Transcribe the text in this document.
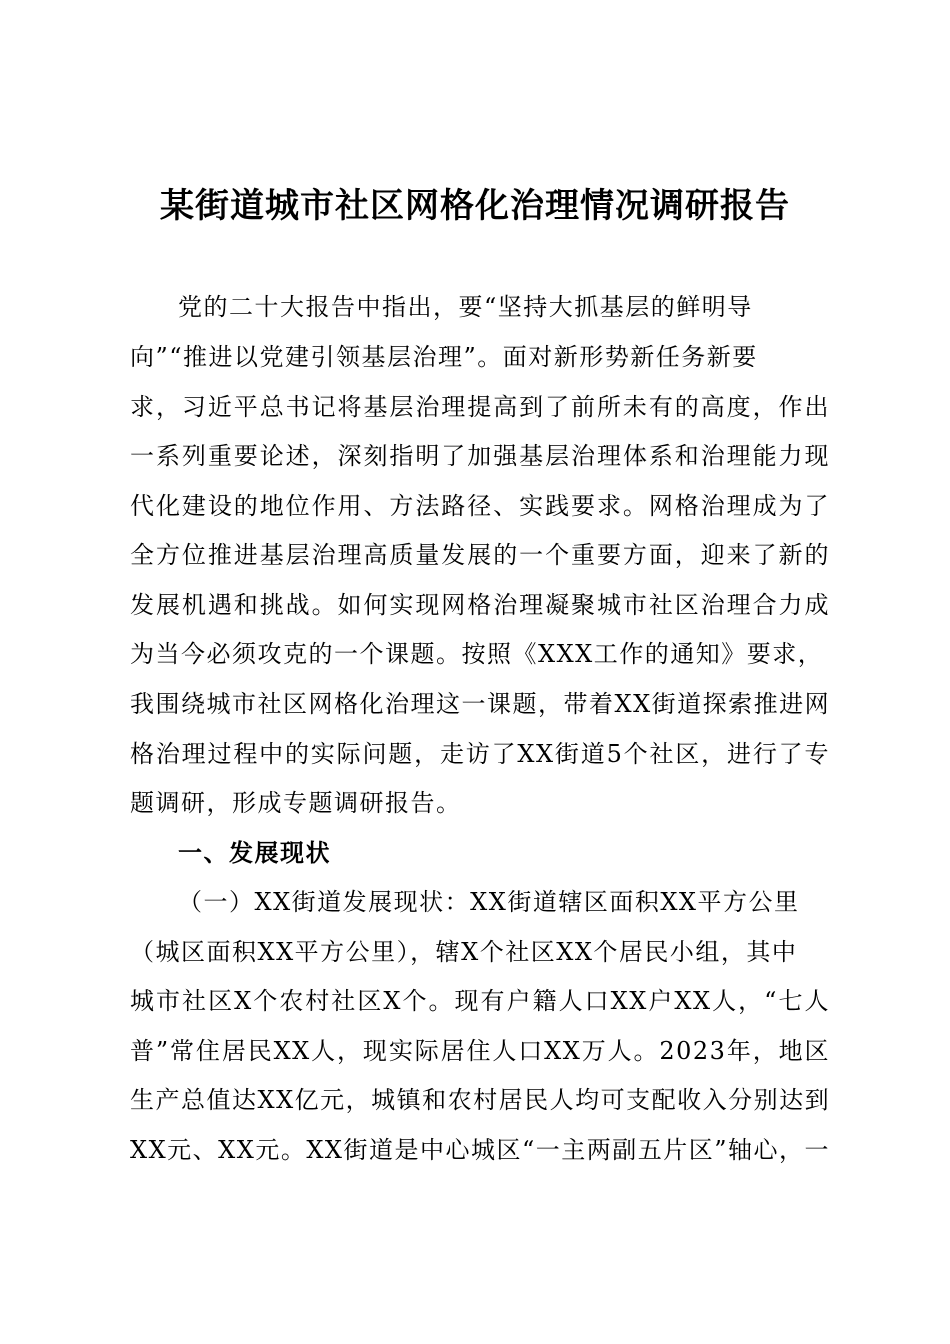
某街道城市社区网格化治理情况调研报告
党的二十大报告中指出，要“坚持大抓基层的鲜明导
向”“推进以党建引领基层治理”。面对新形势新任务新要
求，习近平总书记将基层治理提高到了前所未有的高度，作出
一系列重要论述，深刻指明了加强基层治理体系和治理能力现
代化建设的地位作用、方法路径、实践要求。网格治理成为了
全方位推进基层治理高质量发展的一个重要方面，迎来了新的
发展机遇和挑战。如何实现网格治理凝聚城市社区治理合力成
为当今必须攻克的一个课题。按照《XXX工作的通知》要求，
我围绕城市社区网格化治理这一课题，带着XX街道探索推进网
格治理过程中的实际问题，走访了XX街道5个社区，进行了专
题调研，形成专题调研报告。
一、发展现状
（一）XX街道发展现状：XX街道辖区面积XX平方公里
（城区面积XX平方公里），辖X个社区XX个居民小组，其中
城市社区X个农村社区X个。现有户籍人口XX户XX人，“七人
普”常住居民XX人，现实际居住人口XX万人。2023年，地区
生产总值达XX亿元，城镇和农村居民人均可支配收入分别达到
XX元、XX元。XX街道是中心城区“一主两副五片区”轴心，一
